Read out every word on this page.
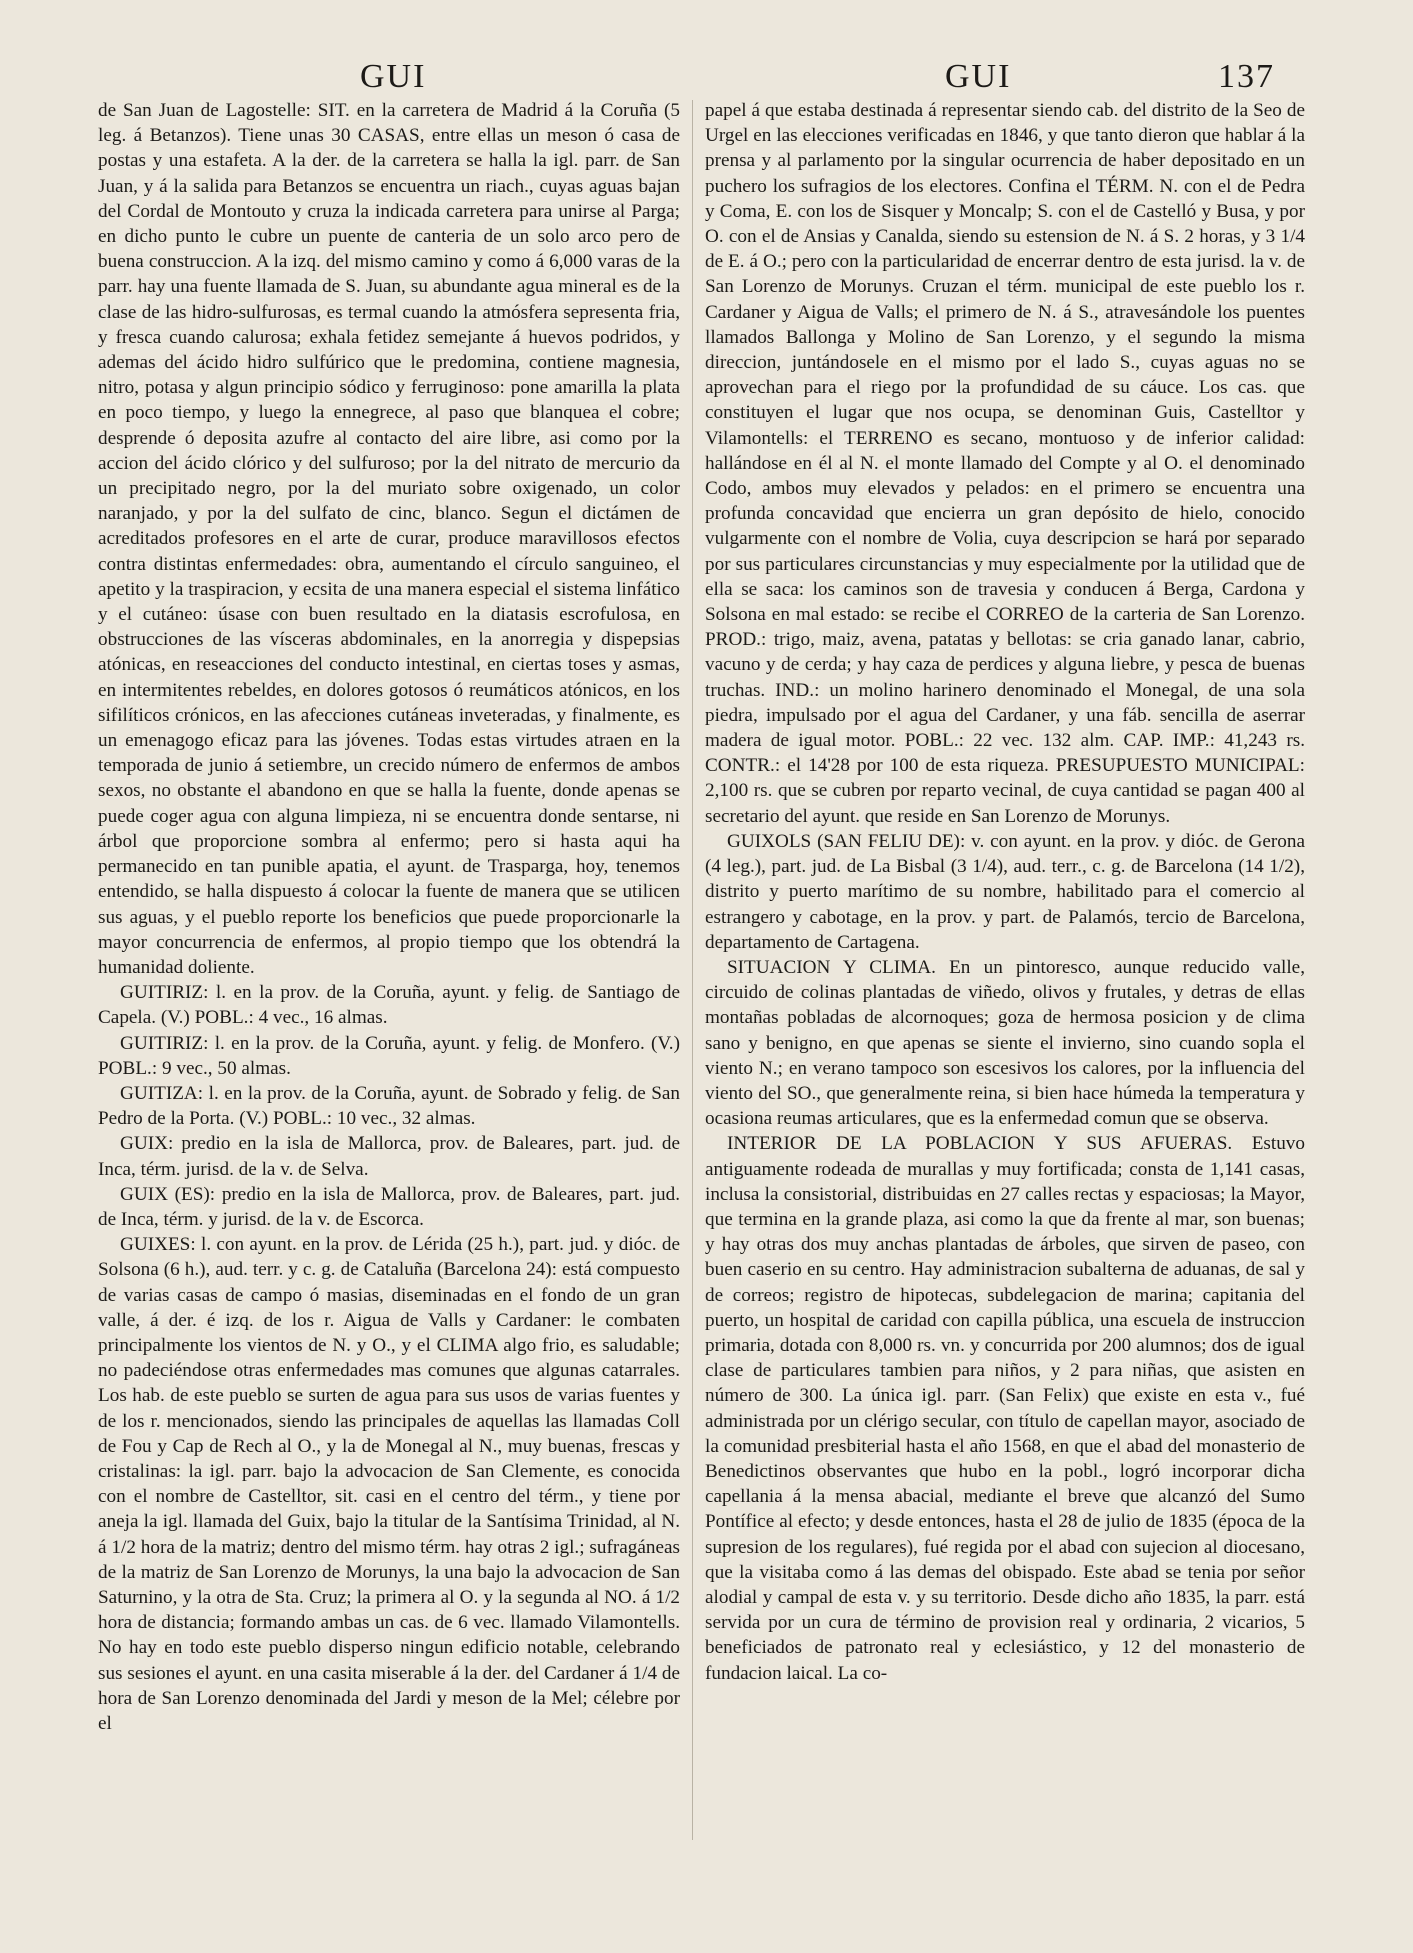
GUI	GUI	137

de San Juan de Lagostelle: SIT. en la carretera de Madrid á la Coruña (5 leg. á Betanzos). Tiene unas 30 CASAS, entre ellas un meson ó casa de postas y una estafeta. A la der. de la carretera se halla la igl. parr. de San Juan, y á la salida para Betanzos se encuentra un riach., cuyas aguas bajan del Cordal de Montouto y cruza la indicada carretera para unirse al Parga; en dicho punto le cubre un puente de canteria de un solo arco pero de buena construccion. A la izq. del mismo camino y como á 6,000 varas de la parr. hay una fuente llamada de S. Juan, su abundante agua mineral es de la clase de las hidro-sulfurosas, es termal cuando la atmósfera sepresenta fria, y fresca cuando calurosa; exhala fetidez semejante á huevos podridos, y ademas del ácido hidro sulfúrico que le predomina, contiene magnesia, nitro, potasa y algun principio sódico y ferruginoso: pone amarilla la plata en poco tiempo, y luego la ennegrece, al paso que blanquea el cobre; desprende ó deposita azufre al contacto del aire libre, asi como por la accion del ácido clórico y del sulfuroso; por la del nitrato de mercurio da un precipitado negro, por la del muriato sobre oxigenado, un color naranjado, y por la del sulfato de cinc, blanco. Segun el dictámen de acreditados profesores en el arte de curar, produce maravillosos efectos contra distintas enfermedades: obra, aumentando el círculo sanguineo, el apetito y la traspiracion, y ecsita de una manera especial el sistema linfático y el cutáneo: úsase con buen resultado en la diatasis escrofulosa, en obstrucciones de las vísceras abdominales, en la anorregia y dispepsias atónicas, en reseacciones del conducto intestinal, en ciertas toses y asmas, en intermitentes rebeldes, en dolores gotosos ó reumáticos atónicos, en los sifilíticos crónicos, en las afecciones cutáneas inveteradas, y finalmente, es un emenagogo eficaz para las jóvenes. Todas estas virtudes atraen en la temporada de junio á setiembre, un crecido número de enfermos de ambos sexos, no obstante el abandono en que se halla la fuente, donde apenas se puede coger agua con alguna limpieza, ni se encuentra donde sentarse, ni árbol que proporcione sombra al enfermo; pero si hasta aqui ha permanecido en tan punible apatia, el ayunt. de Trasparga, hoy, tenemos entendido, se halla dispuesto á colocar la fuente de manera que se utilicen sus aguas, y el pueblo reporte los beneficios que puede proporcionarle la mayor concurrencia de enfermos, al propio tiempo que los obtendrá la humanidad doliente.

GUITIRIZ: l. en la prov. de la Coruña, ayunt. y felig. de Santiago de Capela. (V.) POBL.: 4 vec., 16 almas.

GUITIRIZ: l. en la prov. de la Coruña, ayunt. y felig. de Monfero. (V.) POBL.: 9 vec., 50 almas.

GUITIZA: l. en la prov. de la Coruña, ayunt. de Sobrado y felig. de San Pedro de la Porta. (V.) POBL.: 10 vec., 32 almas.

GUIX: predio en la isla de Mallorca, prov. de Baleares, part. jud. de Inca, térm. jurisd. de la v. de Selva.

GUIX (ES): predio en la isla de Mallorca, prov. de Baleares, part. jud. de Inca, térm. y jurisd. de la v. de Escorca.

GUIXES: l. con ayunt. en la prov. de Lérida (25 h.), part. jud. y dióc. de Solsona (6 h.), aud. terr. y c. g. de Cataluña (Barcelona 24): está compuesto de varias casas de campo ó masias, diseminadas en el fondo de un gran valle, á der. é izq. de los r. Aigua de Valls y Cardaner: le combaten principalmente los vientos de N. y O., y el CLIMA algo frio, es saludable; no padeciéndose otras enfermedades mas comunes que algunas catarrales. Los hab. de este pueblo se surten de agua para sus usos de varias fuentes y de los r. mencionados, siendo las principales de aquellas las llamadas Coll de Fou y Cap de Rech al O., y la de Monegal al N., muy buenas, frescas y cristalinas: la igl. parr. bajo la advocacion de San Clemente, es conocida con el nombre de Castelltor, sit. casi en el centro del térm., y tiene por aneja la igl. llamada del Guix, bajo la titular de la Santísima Trinidad, al N. á 1/2 hora de la matriz; dentro del mismo térm. hay otras 2 igl.; sufragáneas de la matriz de San Lorenzo de Morunys, la una bajo la advocacion de San Saturnino, y la otra de Sta. Cruz; la primera al O. y la segunda al NO. á 1/2 hora de distancia; formando ambas un cas. de 6 vec. llamado Vilamontells. No hay en todo este pueblo disperso ningun edificio notable, celebrando sus sesiones el ayunt. en una casita miserable á la der. del Cardaner á 1/4 de hora de San Lorenzo denominada del Jardi y meson de la Mel; célebre por el

papel á que estaba destinada á representar siendo cab. del distrito de la Seo de Urgel en las elecciones verificadas en 1846, y que tanto dieron que hablar á la prensa y al parlamento por la singular ocurrencia de haber depositado en un puchero los sufragios de los electores. Confina el TÉRM. N. con el de Pedra y Coma, E. con los de Sisquer y Moncalp; S. con el de Castelló y Busa, y por O. con el de Ansias y Canalda, siendo su estension de N. á S. 2 horas, y 3 1/4 de E. á O.; pero con la particularidad de encerrar dentro de esta jurisd. la v. de San Lorenzo de Morunys. Cruzan el térm. municipal de este pueblo los r. Cardaner y Aigua de Valls; el primero de N. á S., atravesándole los puentes llamados Ballonga y Molino de San Lorenzo, y el segundo la misma direccion, juntándosele en el mismo por el lado S., cuyas aguas no se aprovechan para el riego por la profundidad de su cáuce. Los cas. que constituyen el lugar que nos ocupa, se denominan Guis, Castelltor y Vilamontells: el TERRENO es secano, montuoso y de inferior calidad: hallándose en él al N. el monte llamado del Compte y al O. el denominado Codo, ambos muy elevados y pelados: en el primero se encuentra una profunda concavidad que encierra un gran depósito de hielo, conocido vulgarmente con el nombre de Volia, cuya descripcion se hará por separado por sus particulares circunstancias y muy especialmente por la utilidad que de ella se saca: los caminos son de travesia y conducen á Berga, Cardona y Solsona en mal estado: se recibe el CORREO de la carteria de San Lorenzo. PROD.: trigo, maiz, avena, patatas y bellotas: se cria ganado lanar, cabrio, vacuno y de cerda; y hay caza de perdices y alguna liebre, y pesca de buenas truchas. IND.: un molino harinero denominado el Monegal, de una sola piedra, impulsado por el agua del Cardaner, y una fáb. sencilla de aserrar madera de igual motor. POBL.: 22 vec. 132 alm. CAP. IMP.: 41,243 rs. CONTR.: el 14'28 por 100 de esta riqueza. PRESUPUESTO MUNICIPAL: 2,100 rs. que se cubren por reparto vecinal, de cuya cantidad se pagan 400 al secretario del ayunt. que reside en San Lorenzo de Morunys.

GUIXOLS (SAN FELIU DE): v. con ayunt. en la prov. y dióc. de Gerona (4 leg.), part. jud. de La Bisbal (3 1/4), aud. terr., c. g. de Barcelona (14 1/2), distrito y puerto marítimo de su nombre, habilitado para el comercio al estrangero y cabotage, en la prov. y part. de Palamós, tercio de Barcelona, departamento de Cartagena.

SITUACION Y CLIMA. En un pintoresco, aunque reducido valle, circuido de colinas plantadas de viñedo, olivos y frutales, y detras de ellas montañas pobladas de alcornoques; goza de hermosa posicion y de clima sano y benigno, en que apenas se siente el invierno, sino cuando sopla el viento N.; en verano tampoco son escesivos los calores, por la influencia del viento del SO., que generalmente reina, si bien hace húmeda la temperatura y ocasiona reumas articulares, que es la enfermedad comun que se observa.

INTERIOR DE LA POBLACION Y SUS AFUERAS. Estuvo antiguamente rodeada de murallas y muy fortificada; consta de 1,141 casas, inclusa la consistorial, distribuidas en 27 calles rectas y espaciosas; la Mayor, que termina en la grande plaza, asi como la que da frente al mar, son buenas; y hay otras dos muy anchas plantadas de árboles, que sirven de paseo, con buen caserio en su centro. Hay administracion subalterna de aduanas, de sal y de correos; registro de hipotecas, subdelegacion de marina; capitania del puerto, un hospital de caridad con capilla pública, una escuela de instruccion primaria, dotada con 8,000 rs. vn. y concurrida por 200 alumnos; dos de igual clase de particulares tambien para niños, y 2 para niñas, que asisten en número de 300. La única igl. parr. (San Felix) que existe en esta v., fué administrada por un clérigo secular, con título de capellan mayor, asociado de la comunidad presbiterial hasta el año 1568, en que el abad del monasterio de Benedictinos observantes que hubo en la pobl., logró incorporar dicha capellania á la mensa abacial, mediante el breve que alcanzó del Sumo Pontífice al efecto; y desde entonces, hasta el 28 de julio de 1835 (época de la supresion de los regulares), fué regida por el abad con sujecion al diocesano, que la visitaba como á las demas del obispado. Este abad se tenia por señor alodial y campal de esta v. y su territorio. Desde dicho año 1835, la parr. está servida por un cura de término de provision real y ordinaria, 2 vicarios, 5 beneficiados de patronato real y eclesiástico, y 12 del monasterio de fundacion laical. La co-
